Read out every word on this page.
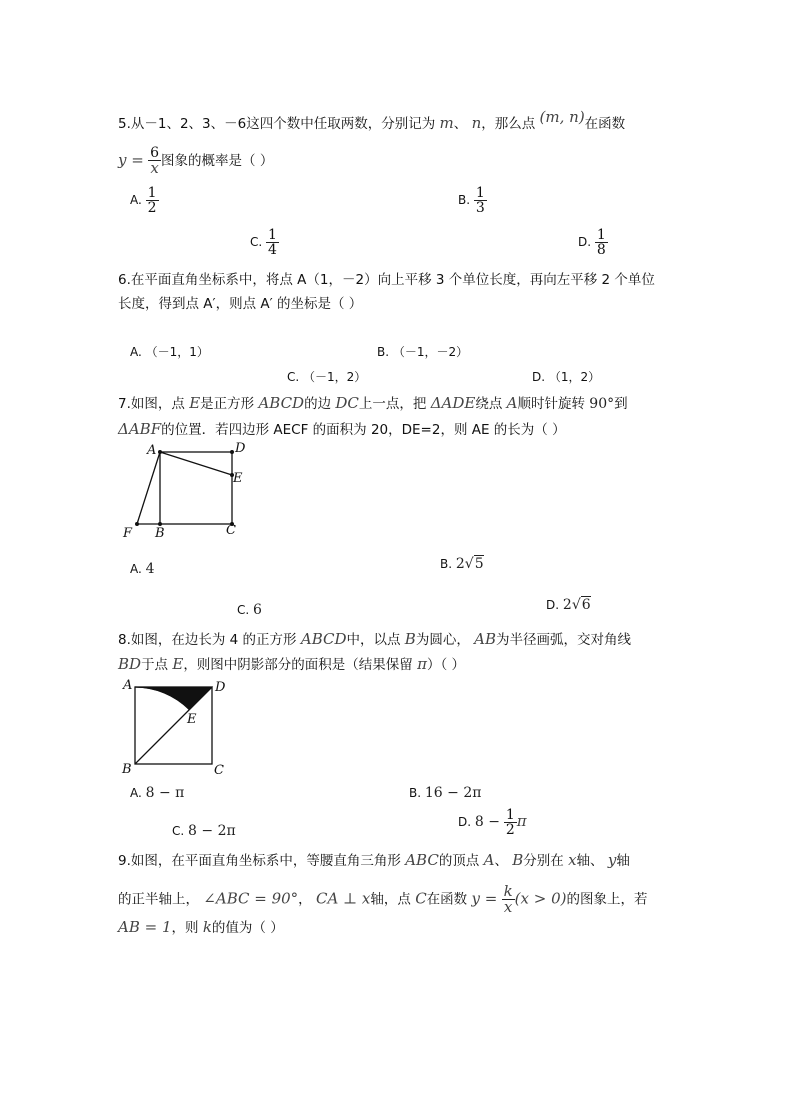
5.从－1、2、3、－6这四个数中任取两数，分别记为 m、 n，那么点 (m, n)在函数
$y = \frac{6}{x}$ 图象的概率是（ ）
A. $\frac{1}{2}$	B. $\frac{1}{3}$
C. $\frac{1}{4}$	D. $\frac{1}{8}$
6.在平面直角坐标系中，将点 A（1，－2）向上平移 3 个单位长度，再向左平移 2 个单位
长度，得到点 A′，则点 A′ 的坐标是（ ）
A. （－1，1）	B. （－1，－2）
C. （－1，2）	D. （1，2）
7.如图，点 E是正方形 ABCD的边 DC上一点，把 ΔADE绕点 A顺时针旋转 90°到
ΔABF的位置．若四边形 AECF 的面积为 20，DE=2，则 AE 的长为（ ）
A	D
E
F B	C
A. 4	B. 2√5
C. 6	D. 2√6
8.如图，在边长为 4 的正方形 ABCD中，以点 B为圆心， AB为半径画弧，交对角线
BD于点 E，则图中阴影部分的面积是（结果保留 π）（ ）
A	D
E
B	C
A. 8 − π	B. 16 − 2π
C. 8 − 2π
D. $8 - \frac{1}{2}$ π
9.如图，在平面直角坐标系中，等腰直角三角形 ABC的顶点 A、 B分别在 x轴、 y轴
的正半轴上， ∠ABC = 90°， CA ⊥ x轴，点 C在函数 $y = \frac{k}{x} (x > 0)$的图象上，若
AB = 1，则 k的值为（ ）
